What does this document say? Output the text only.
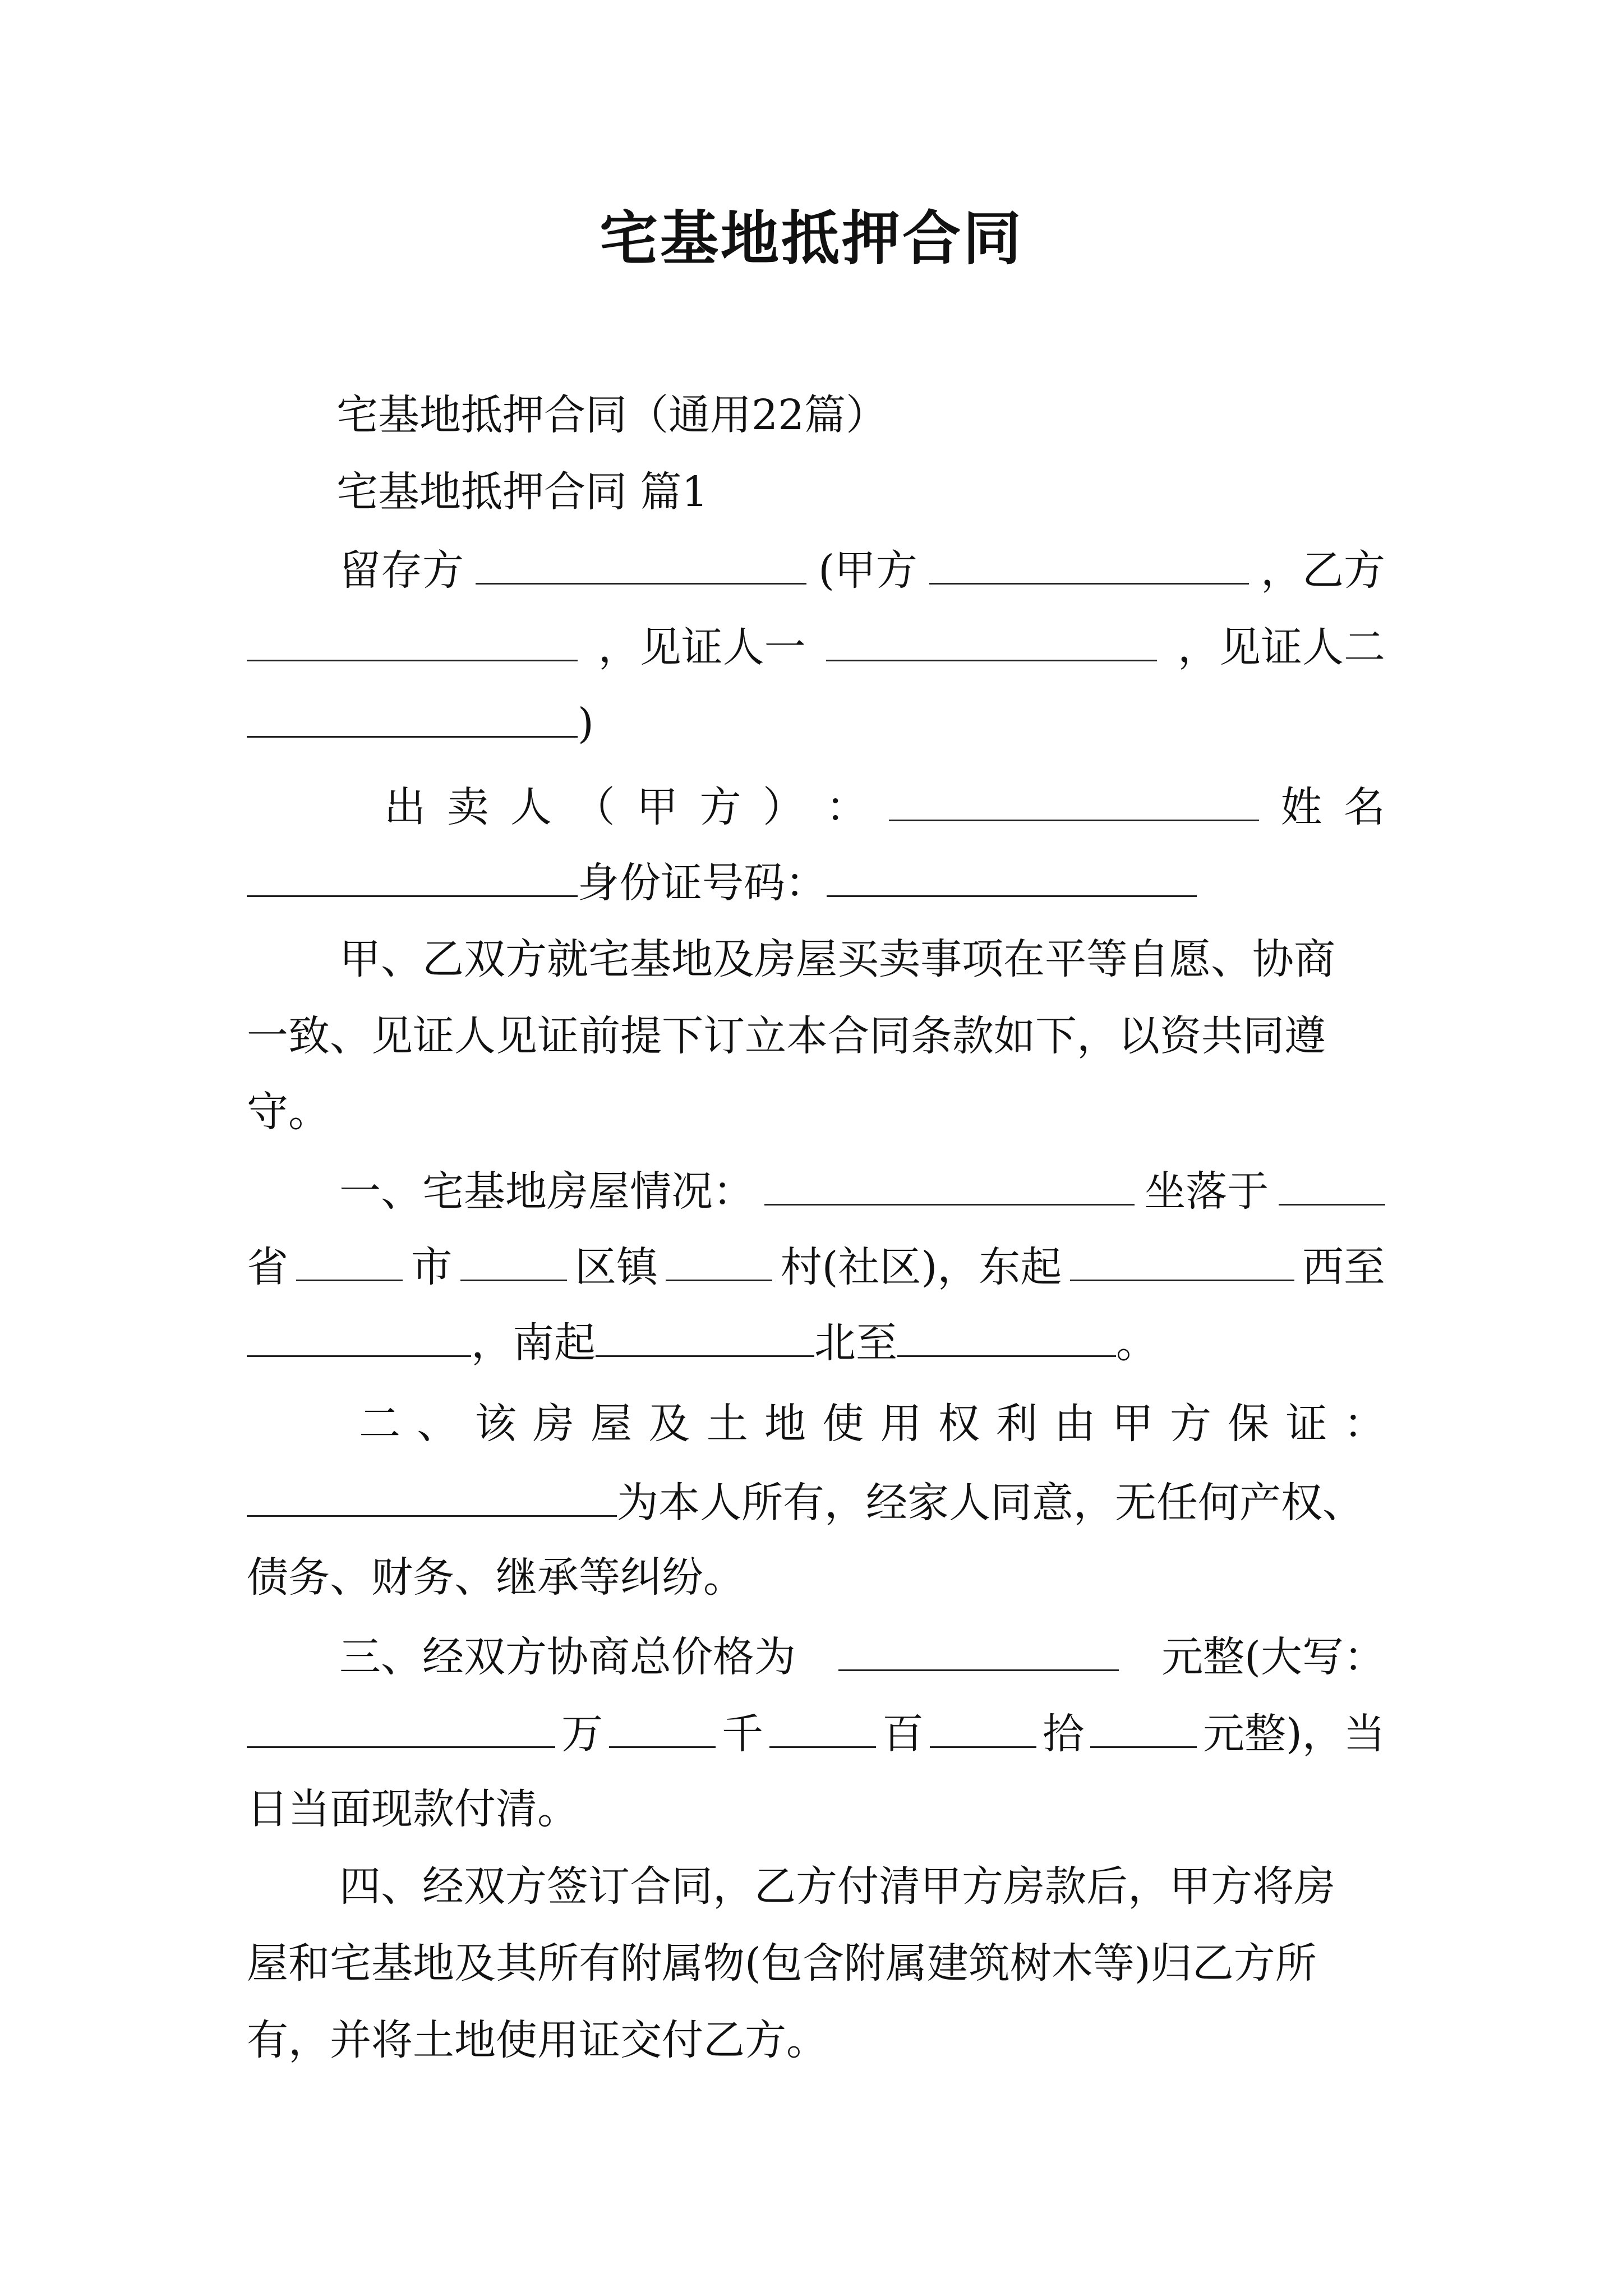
宅基地抵押合同
宅基地抵押合同（通用22篇）
宅基地抵押合同 篇1
留存方	(甲方	，乙方
，见证人一	，见证人二
)
出 卖 人 （ 甲 方 ） ：	姓 名
身份证号码：
甲、乙双方就宅基地及房屋买卖事项在平等自愿、协商
一致、见证人见证前提下订立本合同条款如下，以资共同遵
守。
一、宅基地房屋情况：	坐落于
省	市	区镇	村(社区)，东起	西至
，南起	北至	。
二 、 该 房 屋 及 土 地 使 用 权 利 由 甲 方 保 证 ：
为本人所有，经家人同意，无任何产权、
债务、财务、继承等纠纷。
三、经双方协商总价格为	元整(大写：
万	千	百	拾	元整)，当
日当面现款付清。
四、经双方签订合同，乙方付清甲方房款后，甲方将房
屋和宅基地及其所有附属物(包含附属建筑树木等)归乙方所
有，并将土地使用证交付乙方。
